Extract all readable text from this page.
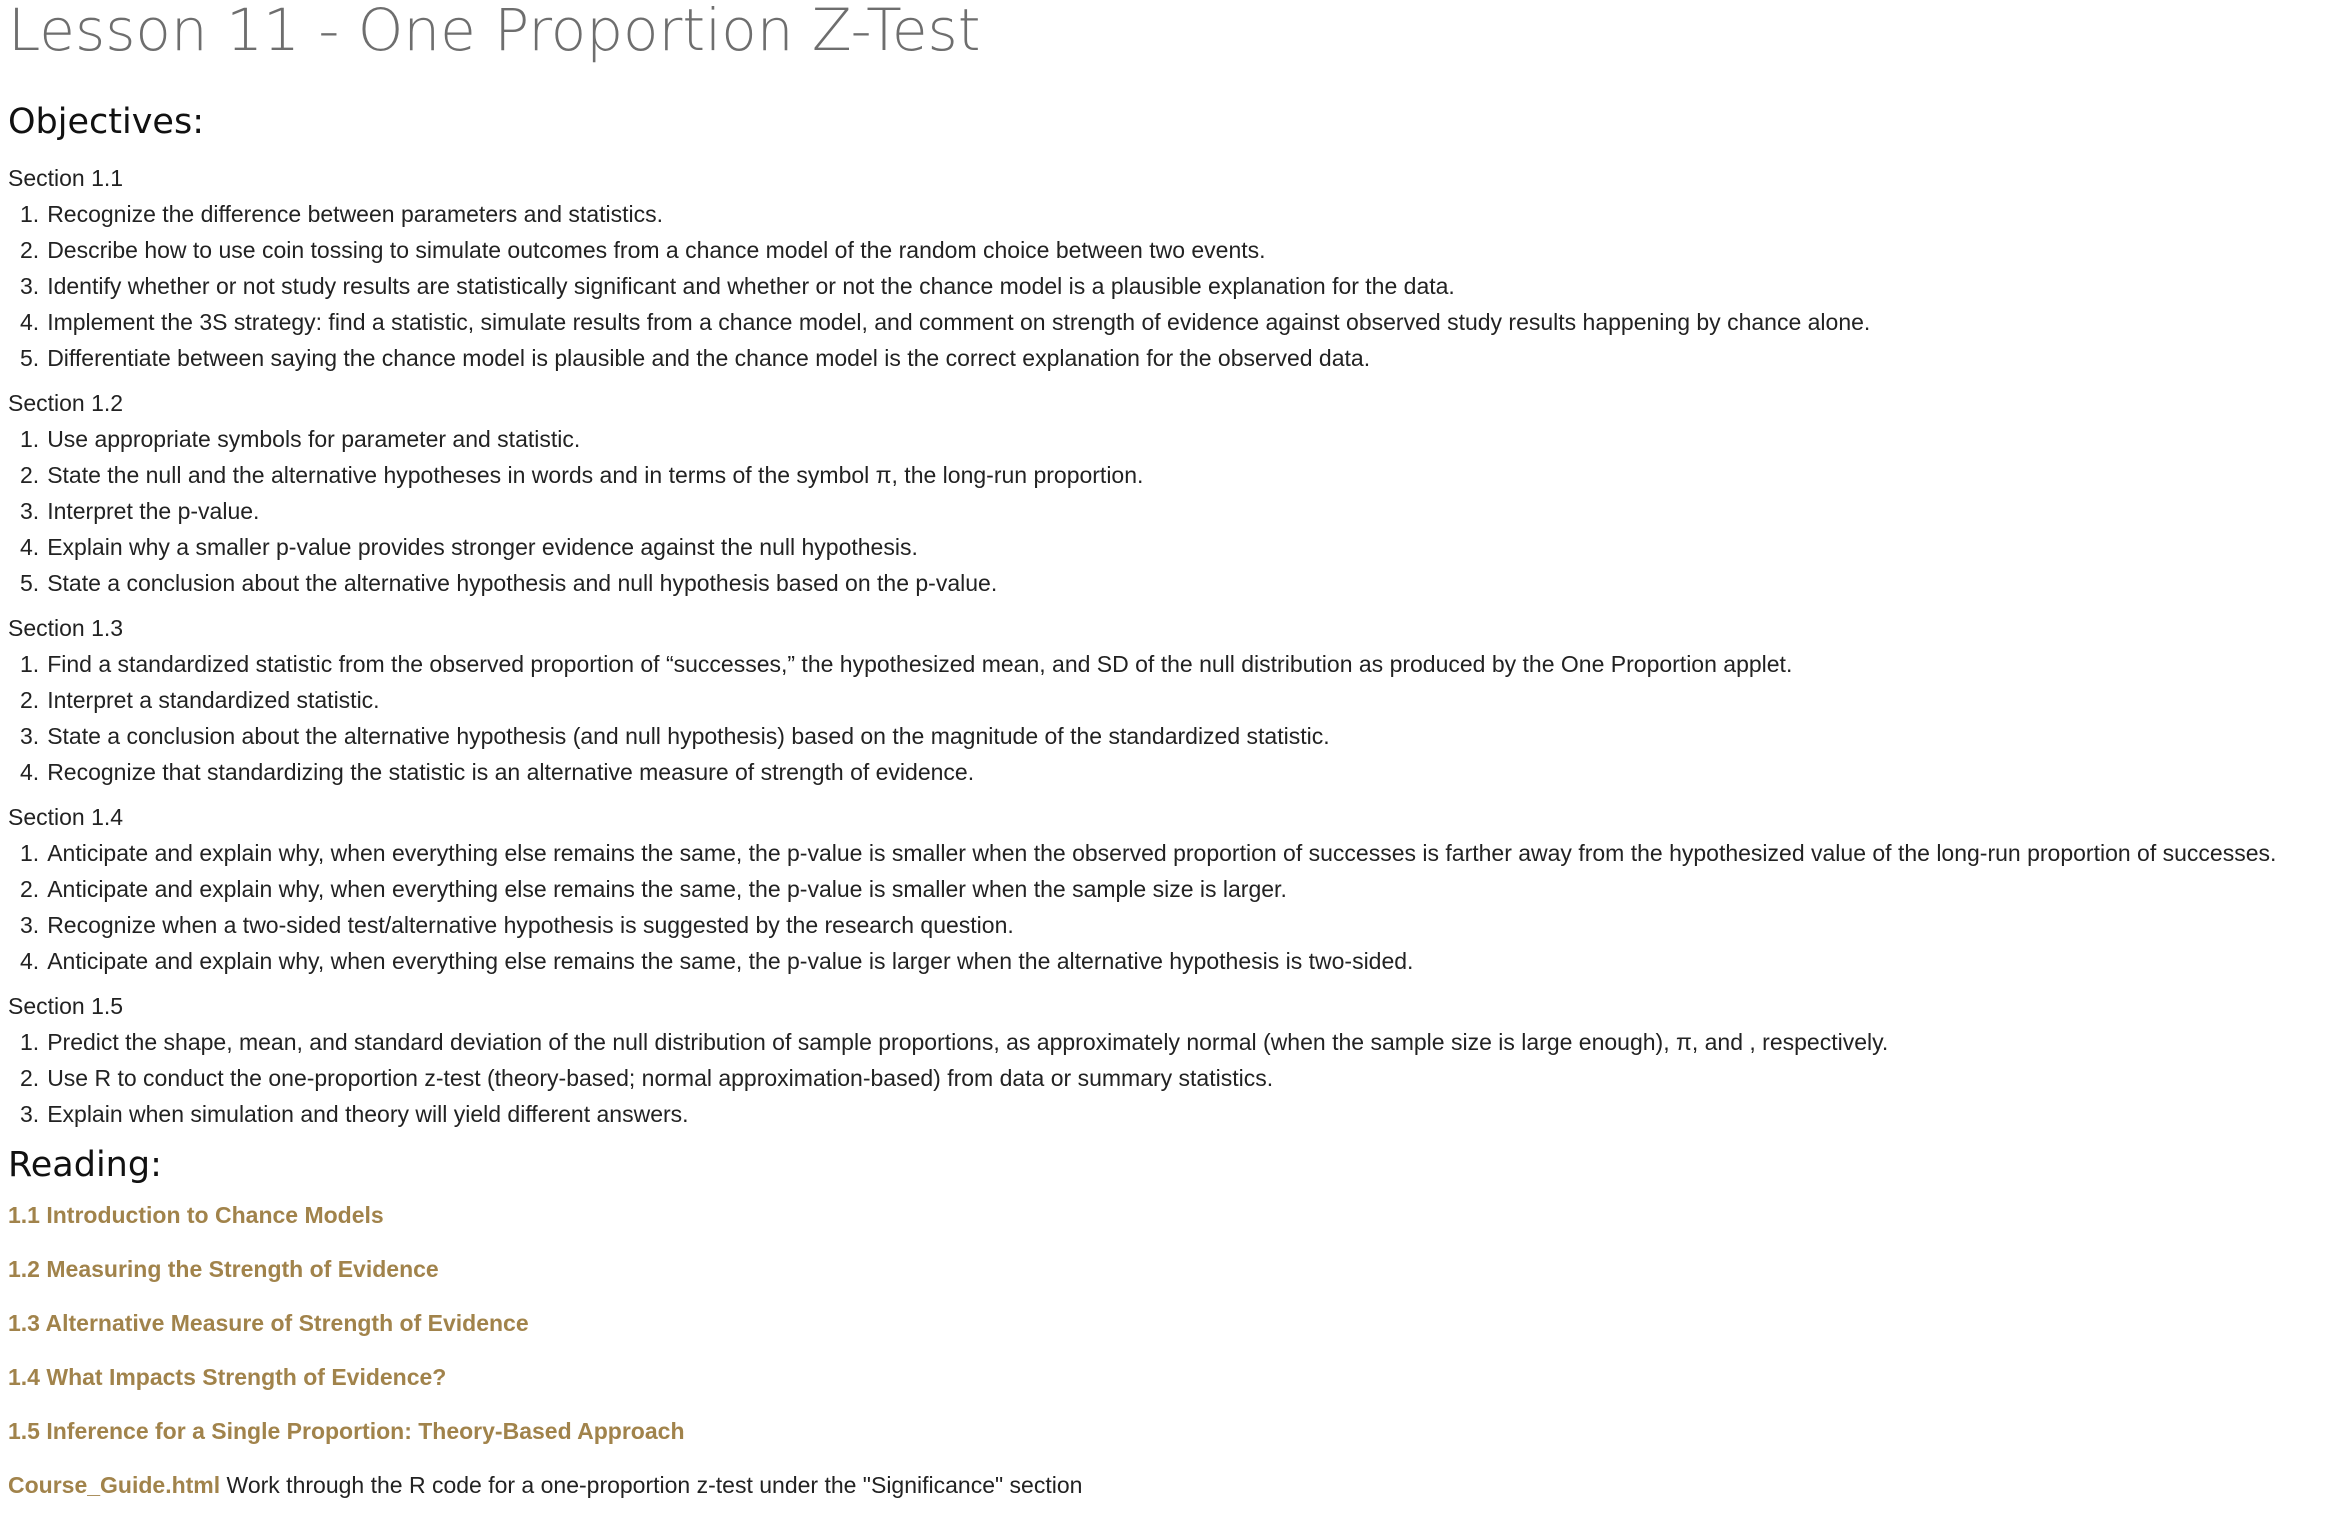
Lesson 11 - One Proportion Z-Test
Objectives:
Section 1.1
1. Recognize the difference between parameters and statistics.
2. Describe how to use coin tossing to simulate outcomes from a chance model of the random choice between two events.
3. Identify whether or not study results are statistically significant and whether or not the chance model is a plausible explanation for the data.
4. Implement the 3S strategy: find a statistic, simulate results from a chance model, and comment on strength of evidence against observed study results happening by chance alone.
5. Differentiate between saying the chance model is plausible and the chance model is the correct explanation for the observed data.
Section 1.2
1. Use appropriate symbols for parameter and statistic.
2. State the null and the alternative hypotheses in words and in terms of the symbol π, the long-run proportion.
3. Interpret the p-value.
4. Explain why a smaller p-value provides stronger evidence against the null hypothesis.
5. State a conclusion about the alternative hypothesis and null hypothesis based on the p-value.
Section 1.3
1. Find a standardized statistic from the observed proportion of “successes,” the hypothesized mean, and SD of the null distribution as produced by the One Proportion applet.
2. Interpret a standardized statistic.
3. State a conclusion about the alternative hypothesis (and null hypothesis) based on the magnitude of the standardized statistic.
4. Recognize that standardizing the statistic is an alternative measure of strength of evidence.
Section 1.4
1. Anticipate and explain why, when everything else remains the same, the p-value is smaller when the observed proportion of successes is farther away from the hypothesized value of the long-run proportion of successes.
2. Anticipate and explain why, when everything else remains the same, the p-value is smaller when the sample size is larger.
3. Recognize when a two-sided test/alternative hypothesis is suggested by the research question.
4. Anticipate and explain why, when everything else remains the same, the p-value is larger when the alternative hypothesis is two-sided.
Section 1.5
1. Predict the shape, mean, and standard deviation of the null distribution of sample proportions, as approximately normal (when the sample size is large enough), π, and , respectively.
2. Use R to conduct the one-proportion z-test (theory-based; normal approximation-based) from data or summary statistics.
3. Explain when simulation and theory will yield different answers.
Reading:
1.1 Introduction to Chance Models
1.2 Measuring the Strength of Evidence
1.3 Alternative Measure of Strength of Evidence
1.4 What Impacts Strength of Evidence?
1.5 Inference for a Single Proportion: Theory-Based Approach
Course_Guide.html Work through the R code for a one-proportion z-test under the "Significance" section
